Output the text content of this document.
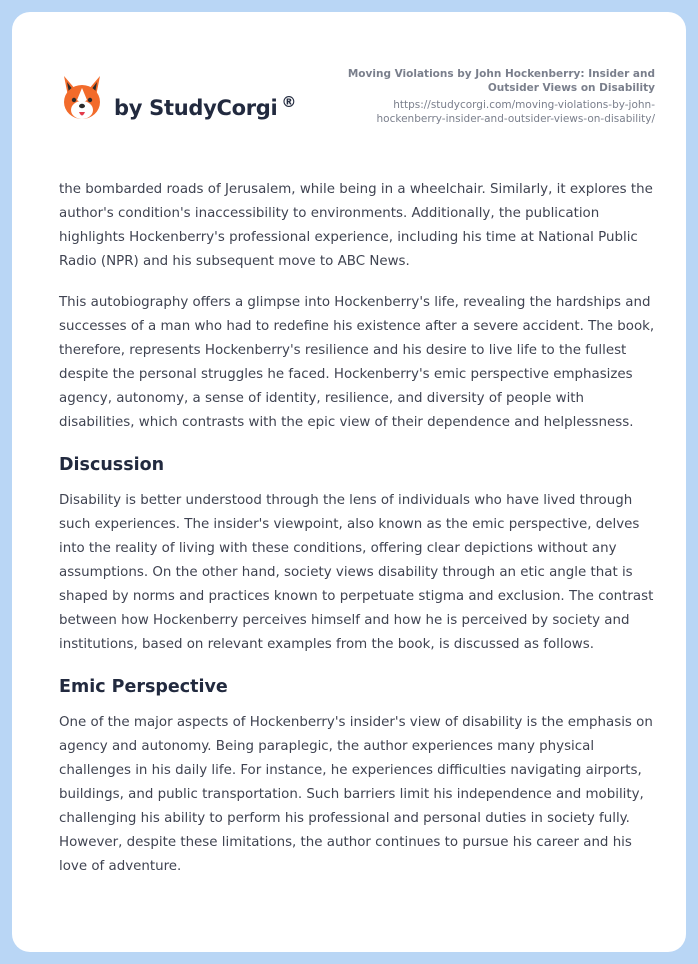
by StudyCorgi ®
Moving Violations by John Hockenberry: Insider and Outsider Views on Disability
https://studycorgi.com/moving-violations-by-john-hockenberry-insider-and-outsider-views-on-disability/

the bombarded roads of Jerusalem, while being in a wheelchair. Similarly, it explores the author's condition's inaccessibility to environments. Additionally, the publication highlights Hockenberry's professional experience, including his time at National Public Radio (NPR) and his subsequent move to ABC News.

This autobiography offers a glimpse into Hockenberry's life, revealing the hardships and successes of a man who had to redefine his existence after a severe accident. The book, therefore, represents Hockenberry's resilience and his desire to live life to the fullest despite the personal struggles he faced. Hockenberry's emic perspective emphasizes agency, autonomy, a sense of identity, resilience, and diversity of people with disabilities, which contrasts with the epic view of their dependence and helplessness.

Discussion

Disability is better understood through the lens of individuals who have lived through such experiences. The insider's viewpoint, also known as the emic perspective, delves into the reality of living with these conditions, offering clear depictions without any assumptions. On the other hand, society views disability through an etic angle that is shaped by norms and practices known to perpetuate stigma and exclusion. The contrast between how Hockenberry perceives himself and how he is perceived by society and institutions, based on relevant examples from the book, is discussed as follows.

Emic Perspective

One of the major aspects of Hockenberry's insider's view of disability is the emphasis on agency and autonomy. Being paraplegic, the author experiences many physical challenges in his daily life. For instance, he experiences difficulties navigating airports, buildings, and public transportation. Such barriers limit his independence and mobility, challenging his ability to perform his professional and personal duties in society fully. However, despite these limitations, the author continues to pursue his career and his love of adventure.
